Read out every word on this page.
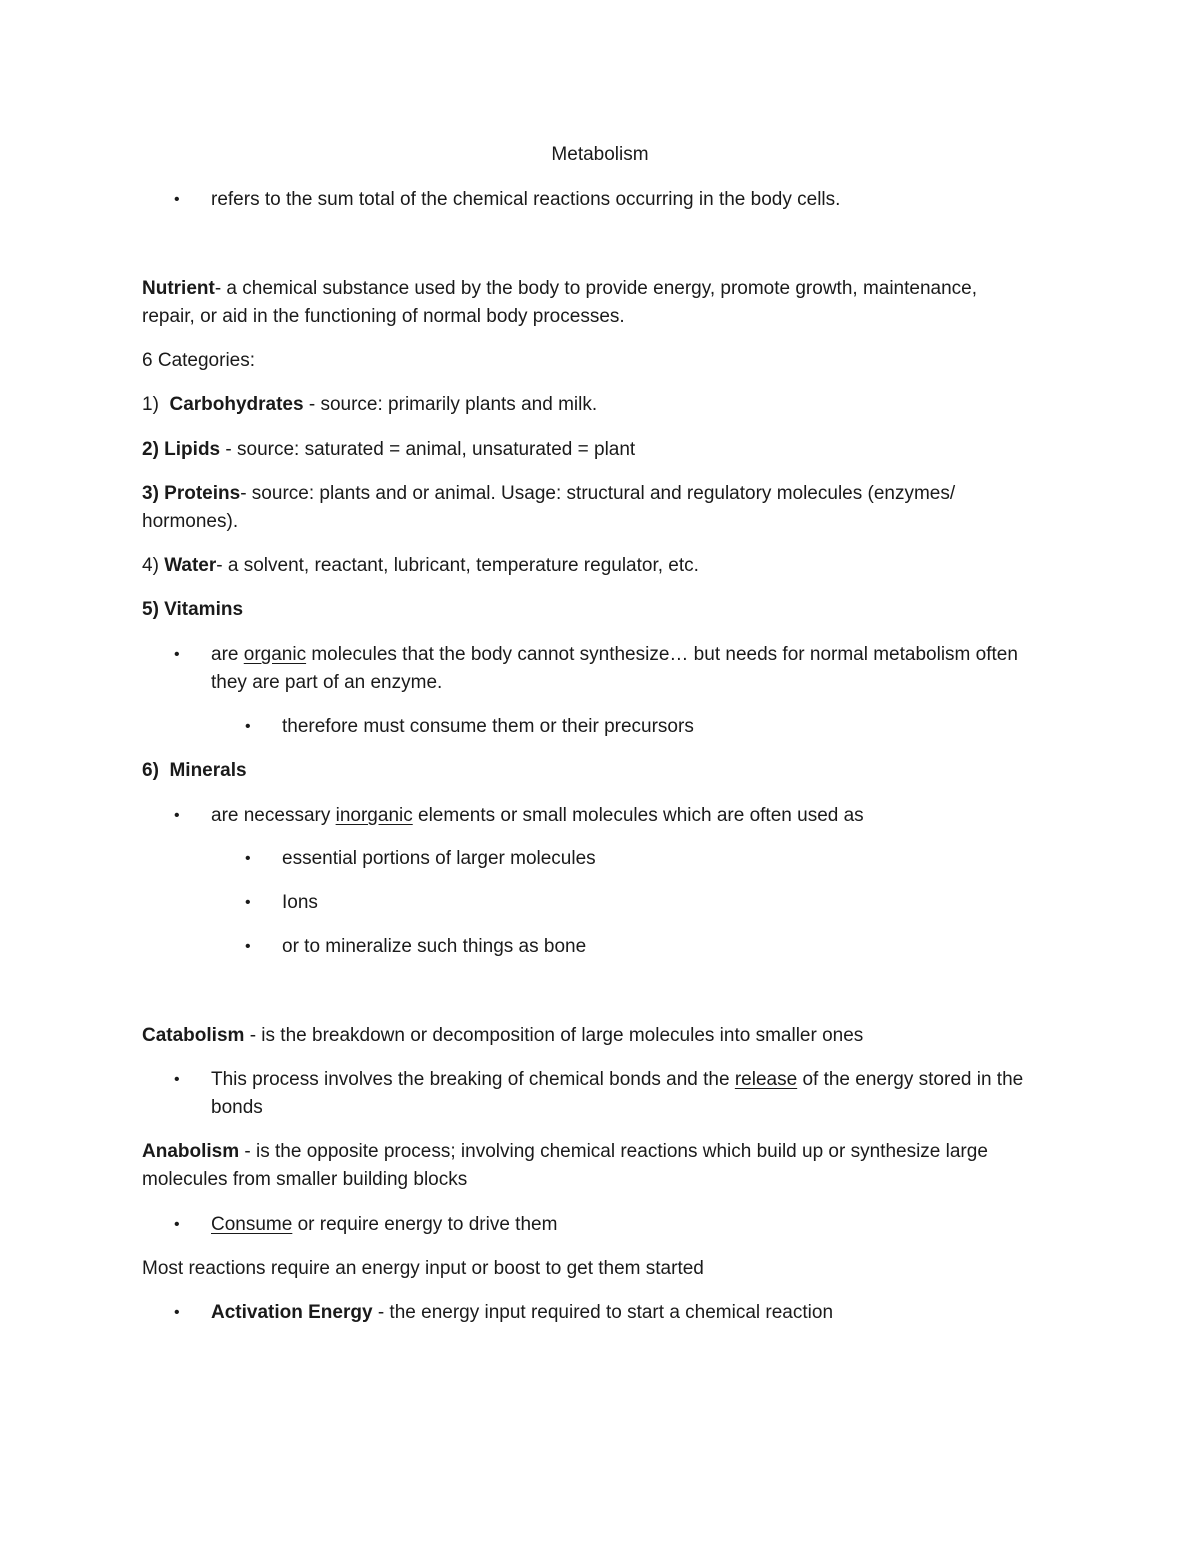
Metabolism
• refers to the sum total of the chemical reactions occurring in the body cells.
Nutrient- a chemical substance used by the body to provide energy, promote growth, maintenance,
repair, or aid in the functioning of normal body processes.
6 Categories:
1) Carbohydrates - source: primarily plants and milk.
2) Lipids - source: saturated = animal, unsaturated = plant
3) Proteins- source: plants and or animal. Usage: structural and regulatory molecules (enzymes/
hormones).
4) Water- a solvent, reactant, lubricant, temperature regulator, etc.
5) Vitamins
• are organic molecules that the body cannot synthesize… but needs for normal metabolism often
they are part of an enzyme.
• therefore must consume them or their precursors
6) Minerals
• are necessary inorganic elements or small molecules which are often used as
• essential portions of larger molecules
• Ions
• or to mineralize such things as bone
Catabolism - is the breakdown or decomposition of large molecules into smaller ones
• This process involves the breaking of chemical bonds and the release of the energy stored in the
bonds
Anabolism - is the opposite process; involving chemical reactions which build up or synthesize large
molecules from smaller building blocks
• Consume or require energy to drive them
Most reactions require an energy input or boost to get them started
• Activation Energy - the energy input required to start a chemical reaction
